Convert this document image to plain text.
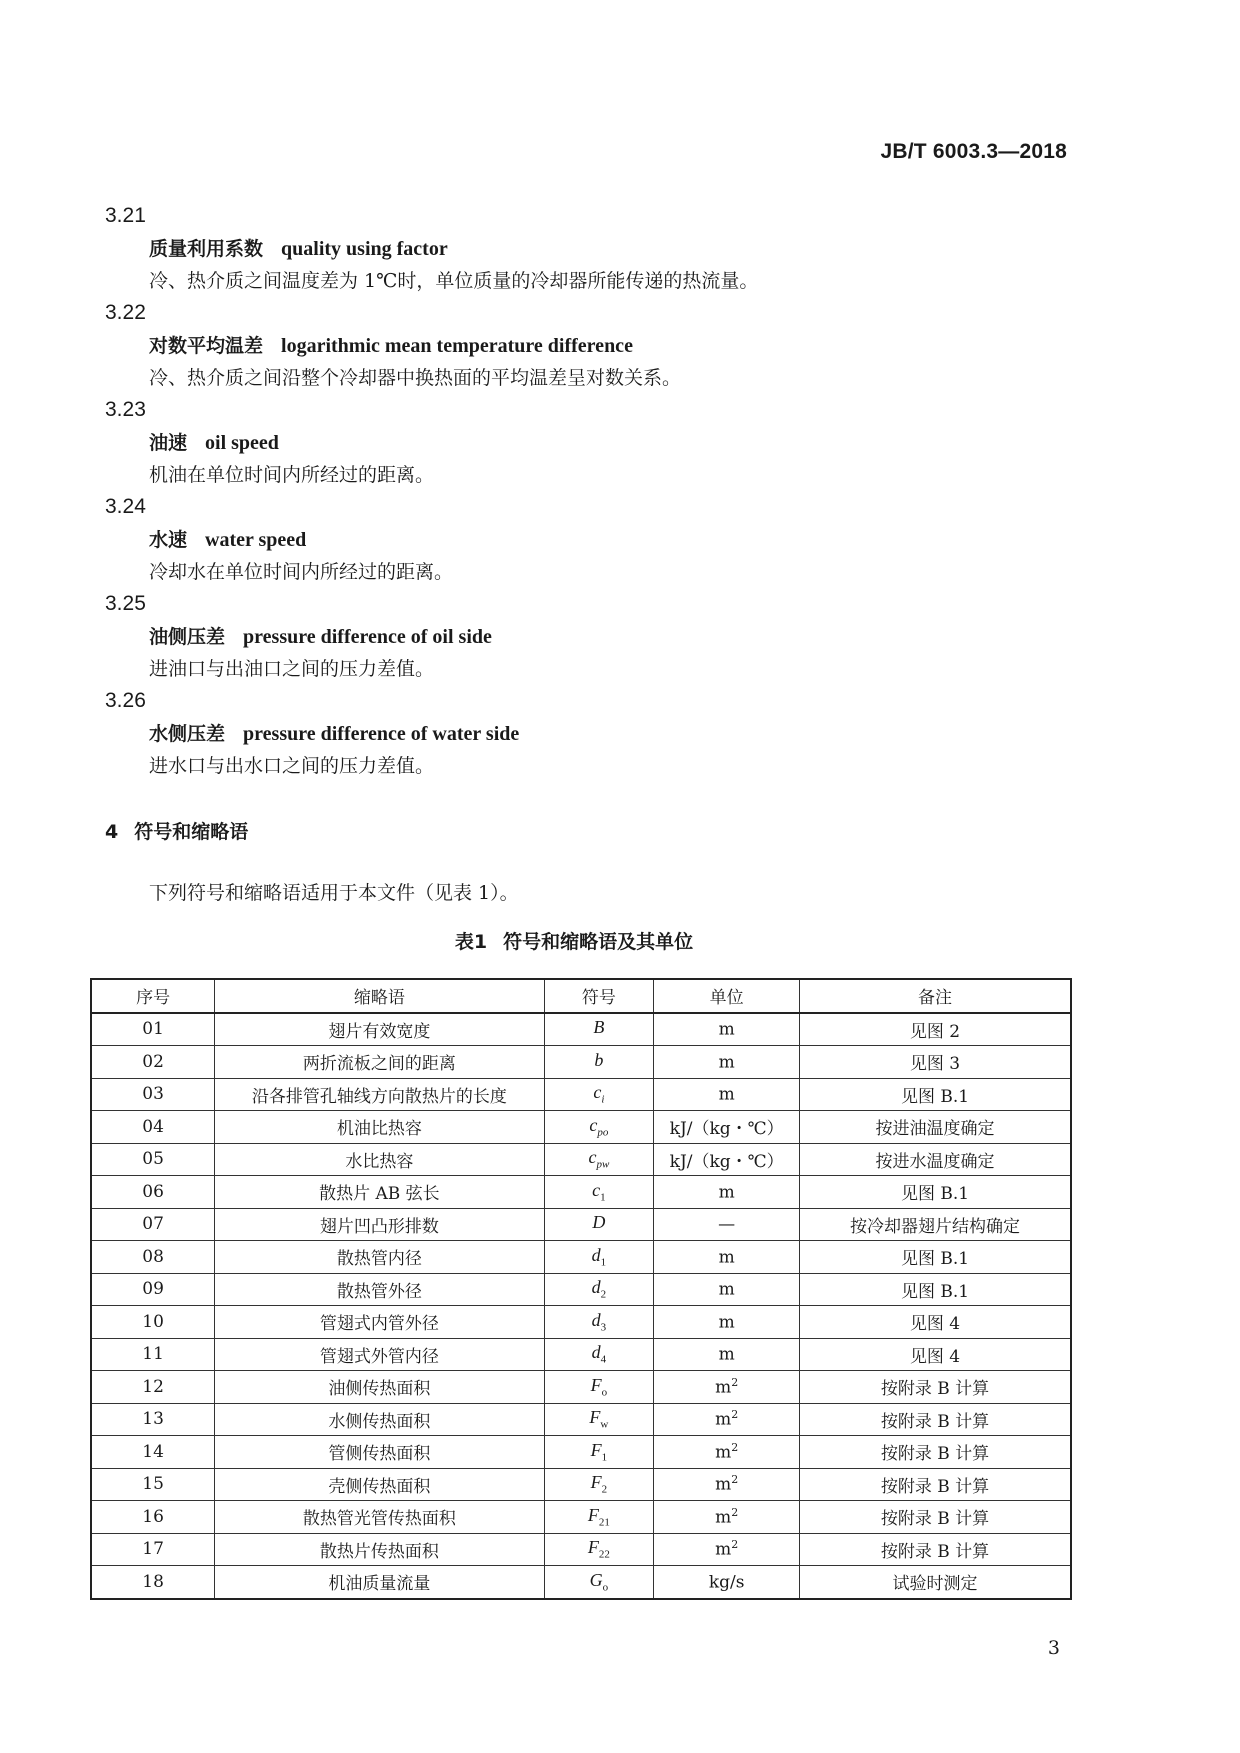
JB/T 6003.3—2018
3.21
质量利用系数 quality using factor
冷、热介质之间温度差为 1℃时，单位质量的冷却器所能传递的热流量。
3.22
对数平均温差 logarithmic mean temperature difference
冷、热介质之间沿整个冷却器中换热面的平均温差呈对数关系。
3.23
油速 oil speed
机油在单位时间内所经过的距离。
3.24
水速 water speed
冷却水在单位时间内所经过的距离。
3.25
油侧压差 pressure difference of oil side
进油口与出油口之间的压力差值。
3.26
水侧压差 pressure difference of water side
进水口与出水口之间的压力差值。
4 符号和缩略语
下列符号和缩略语适用于本文件（见表 1）。
表1 符号和缩略语及其单位
序号	缩略语	符号	单位	备注
01	翅片有效宽度	B	m	见图 2
02	两折流板之间的距离	b	m	见图 3
03	沿各排管孔轴线方向散热片的长度	$c_i$	m	见图 B.1
04	机油比热容	$c_{po}$	kJ/（kg・℃）	按进油温度确定
05	水比热容	$c_{pw}$	kJ/（kg・℃）	按进水温度确定
06	散热片 AB 弦长	$c_1$	m	见图 B.1
07	翅片凹凸形排数	D	—	按冷却器翅片结构确定
08	散热管内径	$d_1$	m	见图 B.1
09	散热管外径	$d_2$	m	见图 B.1
10	管翅式内管外径	$d_3$	m	见图 4
11	管翅式外管内径	$d_4$	m	见图 4
12	油侧传热面积	$F_o$	$m^2$	按附录 B 计算
13	水侧传热面积	$F_w$	$m^2$	按附录 B 计算
14	管侧传热面积	$F_1$	$m^2$	按附录 B 计算
15	壳侧传热面积	$F_2$	$m^2$	按附录 B 计算
16	散热管光管传热面积	$F_{21}$	$m^2$	按附录 B 计算
17	散热片传热面积	$F_{22}$	$m^2$	按附录 B 计算
18	机油质量流量	$G_o$	kg/s	试验时测定
3
